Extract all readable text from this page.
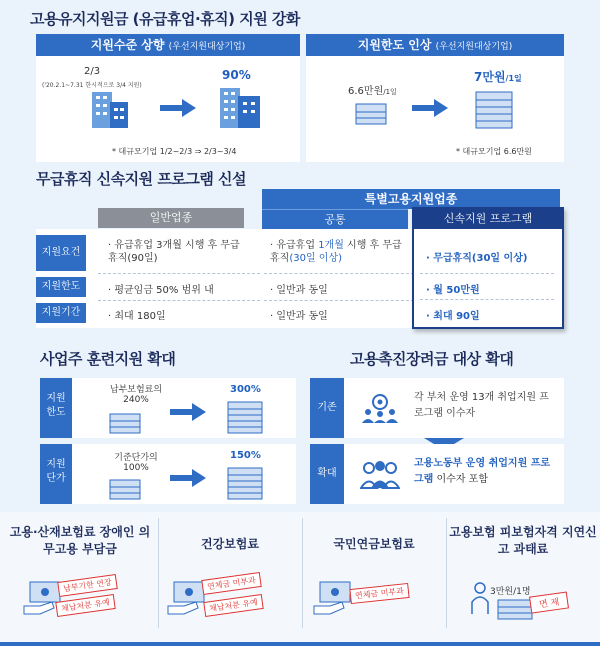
고용유지지원금 (유급휴업·휴직) 지원 강화
지원수준 상향 (우선지원대상기업)
2/3
('20.2.1~7.31 한시적으로 3/4 지원)
90%
* 대규모기업 1/2~2/3 ⇒ 2/3~3/4
지원한도 인상 (우선지원대상기업)
6.6만원/1일
7만원/1일
* 대규모기업 6.6만원
무급휴직 신속지원 프로그램 신설
특별고용지원업종
일반업종	공통
지원요건
지원한도
지원기간
· 유급휴업 3개월 시행 후 무급휴직(90일)
· 평균임금 50% 범위 내
· 최대 180일
· 유급휴업 1개월 시행 후 무급휴직(30일 이상)
· 일반과 동일
· 일반과 동일
신속지원 프로그램
· 무급휴직(30일 이상)
· 월 50만원
· 최대 90일
사업주 훈련지원 확대
지원한도
납부보험료의 240%
300%
지원단가
기준단가의 100%
150%
고용촉진장려금 대상 확대
기존
각 부처 운영 13개 취업지원 프로그램 이수자
확대
고용노동부 운영 취업지원 프로그램 이수자 포함
고용·산재보험료 장애인 의무고용 부담금
납부기한 연장
체납처분 유예
건강보험료
연체금 미부과
체납처분 유예
국민연금보험료
연체금 미부과
고용보험 피보험자격 지연신고 과태료
3만원/1명
면 제
